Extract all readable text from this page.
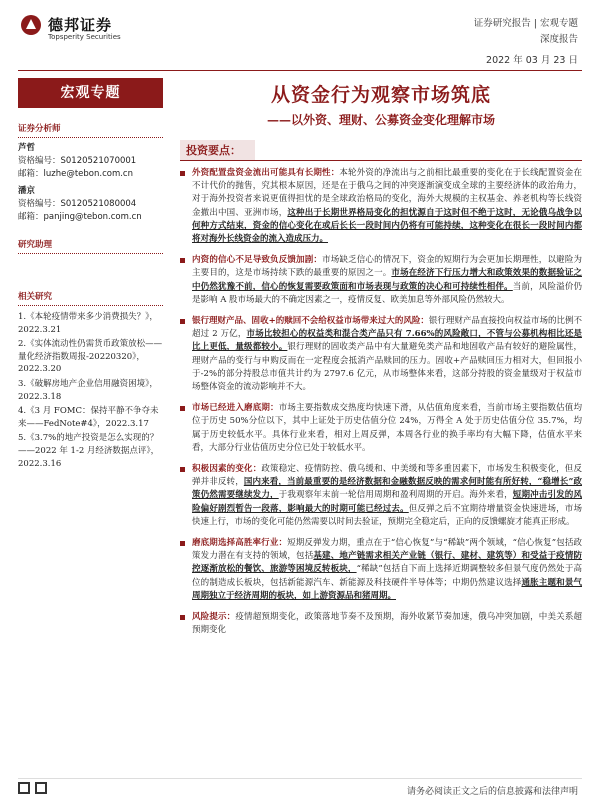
德邦证券
Topsperity Securities
证券研究报告 | 宏观专题
深度报告
2022 年 03 月 23 日
宏观专题
证券分析师
芦哲
资格编号：S0120521070001
邮箱：luzhe@tebon.com.cn
潘京
资格编号：S0120521080004
邮箱：panjing@tebon.com.cn
研究助理
相关研究
1.《本轮疫情带来多少消费损失？》，2022.3.21
2.《实体流动性仍需货币政策放松——量化经济指数周报-20220320》，2022.3.20
3.《破解房地产企业信用融资困境》，2022.3.18
4.《3 月 FOMC：保持平静不争夺未来——FedNote#4》，2022.3.17
5.《3.7%的地产投资是怎么实现的？——2022 年 1-2 月经济数据点评》，2022.3.16
从资金行为观察市场筑底
——以外资、理财、公募资金变化理解市场
投资要点：
外资配置盘资金流出可能具有长期性：本轮外资的净流出与之前相比最重要的变化在于长线配置资金在不计代价的抛售，究其根本原因，还是在于俄乌之间的冲突逐渐演变成全球的主要经济体的政治角力，对于海外投资者来说更值得担忧的是全球政治格局的变化，海外大规模的主权基金、养老机构等长线资金撤出中国、亚洲市场，这种出于长期世界格局变化的担忧源自于这时但不绝于这时，无论俄乌战争以何种方式结束，资金的信心变化在或后长长一段时间内仍将有可能持续，这种变化在很长一段时间内都将对海外长线资金的流入造成压力。
内资的信心不足导致负反馈加剧：市场缺乏信心的情况下，资金的短期行为会更加长期理性，以避险为主要目的，这是市场持续下跌的最重要的原因之一。市场在经济下行压力增大和政策效果的数据验证之中仍然犹豫不前，信心的恢复需要政策面和市场表现与政策的决心和可持续性相伴。当前，风险溢价仍是影响 A 股市场最大的不确定因素之一，疫情反复、欧美加息等外部风险仍然较大。
银行理财产品、固收+的赎回不会给权益市场带来过大的风险：银行理财产品直接投向权益市场的比例不超过 2 万亿，市场比较担心的权益类和混合类产品只有 7.66%的风险敞口，不管与公募机构相比还是比上更低，量级都较小。银行理财的固收类产品中有大量避免类产品和地固收产品有较好的避险属性，理财产品的变行与申购反而在一定程度会抵消产品赎回的压力。固收+产品赎回压力相对大，但回报小于-2%的部分持股总市值共计约为 2797.6 亿元，从市场整体来看，这部分持股的资金量级对于权益市场整体资金的流动影响并不大。
市场已经进入磨底期：市场主要指数成交热度均快速下滑，从估值角度来看，当前市场主要指数估值均位于历史 50%分位以下，其中上证处于历史估值分位 24%，万得全 A 处于历史估值分位 35.7%，均属于历史较低水平。具体行业来看，相对上周反弹，本周各行业的换手率均有大幅下降，估值水平来看，大部分行业估值历史分位已处于较低水平。
积极因素的变化：政策稳定、疫情防控、俄乌缓和、中美缓和等多重因素下，市场发生积极变化，但反弹并非反转，国内来看，当前最重要的是经济数据和金融数据反映的需求何时能有所好转，“稳增长”政策仍然需要继续发力，于我观察年末前一轮信用周期和盈利周期的开启。海外来看，短期冲击引发的风险偏好剧烈暂告一段落，影响最大的时期可能已经过去。但反弹之后不宜期待增量资金快速进场，市场快速上行，市场的变化可能仍然需要以时间去验证，预期完全稳定后，正向的反馈螺旋才能真正形成。
磨底期选择高胜率行业：短期反弹发力期，重点在于“信心恢复”与“稀缺”两个领域，“信心恢复”包括政策发力潜在有支持的领域，包括基建、地产链需求相关产业链（银行、建材、建筑等）和受益于疫情防控逐渐放松的餐饮、旅游等困境反转板块，“稀缺”包括自下而上选择近期调整较多但景气度仍然处于高位的制造成长板块，包括新能源汽车、新能源及科技硬件半导体等；中期仍然建议选择通胀主题和景气周期独立于经济周期的板块，如上游资源品和猪周期。
风险提示：疫情超预期变化，政策落地节奏不及预期，海外收紧节奏加速，俄乌冲突加剧，中美关系超预期变化
请务必阅读正文之后的信息披露和法律声明
